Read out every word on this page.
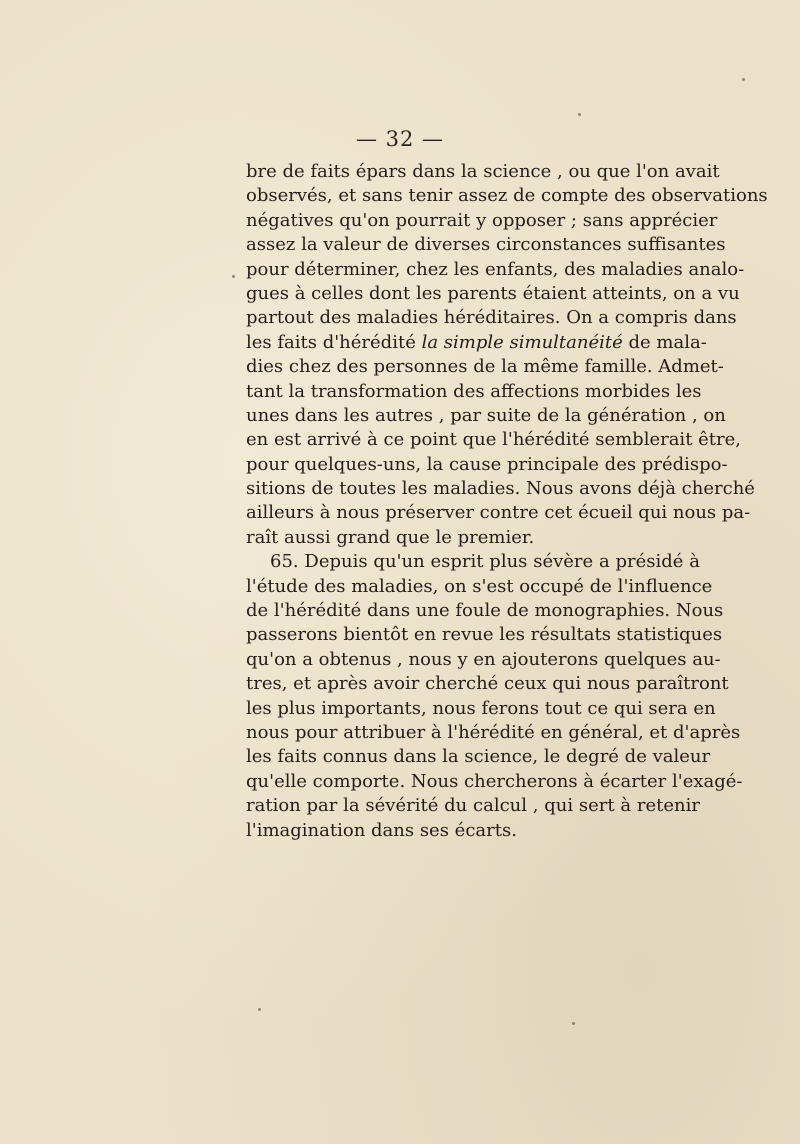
— 32 —
bre de faits épars dans la science , ou que l'on avait
observés, et sans tenir assez de compte des observations
négatives qu'on pourrait y opposer ; sans apprécier
assez la valeur de diverses circonstances suffisantes
pour déterminer, chez les enfants, des maladies analo-
gues à celles dont les parents étaient atteints, on a vu
partout des maladies héréditaires. On a compris dans
les faits d'hérédité la simple simultanéité de mala-
dies chez des personnes de la même famille. Admet-
tant la transformation des affections morbides les
unes dans les autres , par suite de la génération , on
en est arrivé à ce point que l'hérédité semblerait être,
pour quelques-uns, la cause principale des prédispo-
sitions de toutes les maladies. Nous avons déjà cherché
ailleurs à nous préserver contre cet écueil qui nous pa-
raît aussi grand que le premier.
65. Depuis qu'un esprit plus sévère a présidé à
l'étude des maladies, on s'est occupé de l'influence
de l'hérédité dans une foule de monographies. Nous
passerons bientôt en revue les résultats statistiques
qu'on a obtenus , nous y en ajouterons quelques au-
tres, et après avoir cherché ceux qui nous paraîtront
les plus importants, nous ferons tout ce qui sera en
nous pour attribuer à l'hérédité en général, et d'après
les faits connus dans la science, le degré de valeur
qu'elle comporte. Nous chercherons à écarter l'exagé-
ration par la sévérité du calcul , qui sert à retenir
l'imagination dans ses écarts.
